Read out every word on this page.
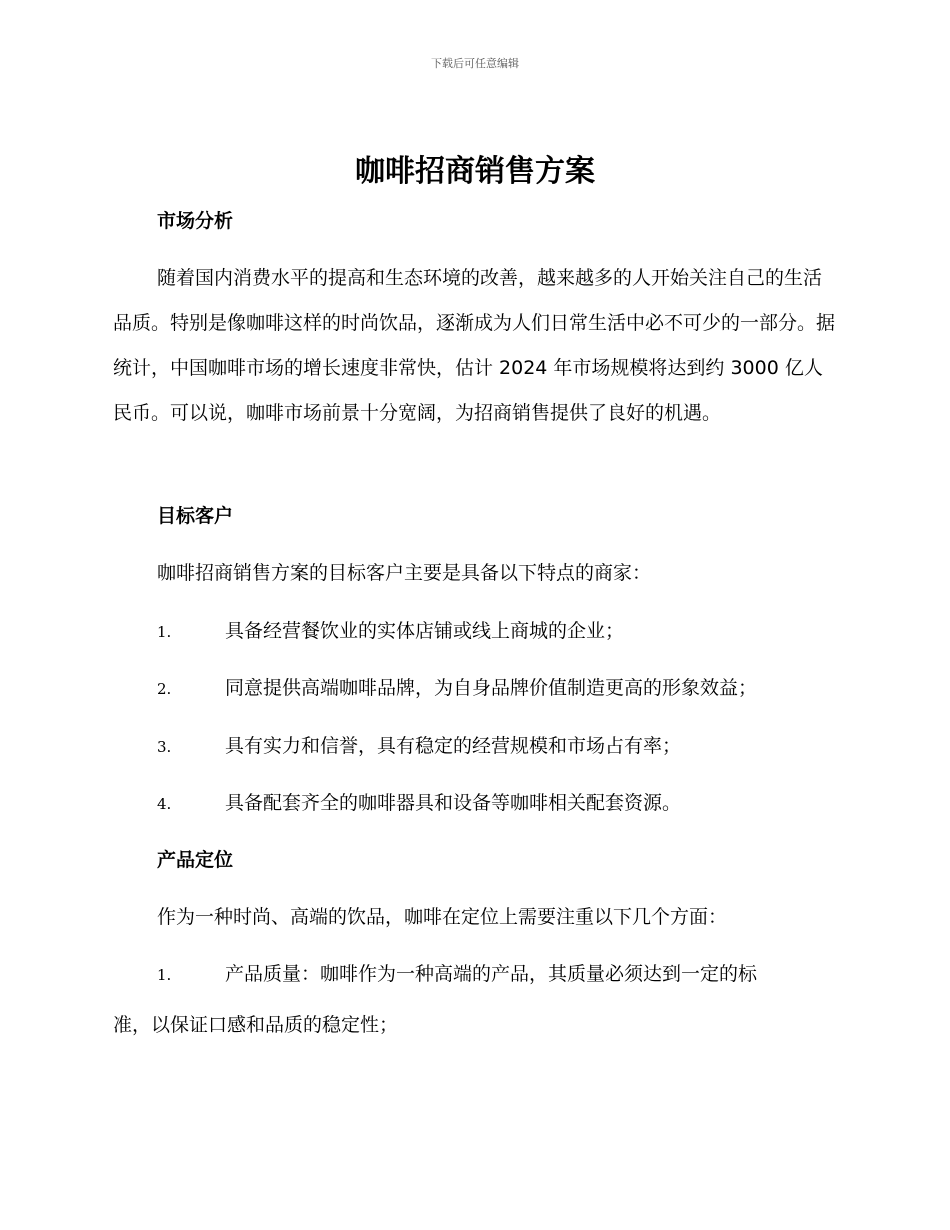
下载后可任意编辑
咖啡招商销售方案
市场分析
随着国内消费水平的提高和生态环境的改善，越来越多的人开始关注自己的生活品质。特别是像咖啡这样的时尚饮品，逐渐成为人们日常生活中必不可少的一部分。据统计，中国咖啡市场的增长速度非常快，估计 2024 年市场规模将达到约 3000 亿人民币。可以说，咖啡市场前景十分宽阔，为招商销售提供了良好的机遇。
目标客户
咖啡招商销售方案的目标客户主要是具备以下特点的商家：
1.	具备经营餐饮业的实体店铺或线上商城的企业；
2.	同意提供高端咖啡品牌，为自身品牌价值制造更高的形象效益；
3.	具有实力和信誉，具有稳定的经营规模和市场占有率；
4.	具备配套齐全的咖啡器具和设备等咖啡相关配套资源。
产品定位
作为一种时尚、高端的饮品，咖啡在定位上需要注重以下几个方面：
1.	产品质量：咖啡作为一种高端的产品，其质量必须达到一定的标
准，以保证口感和品质的稳定性；
